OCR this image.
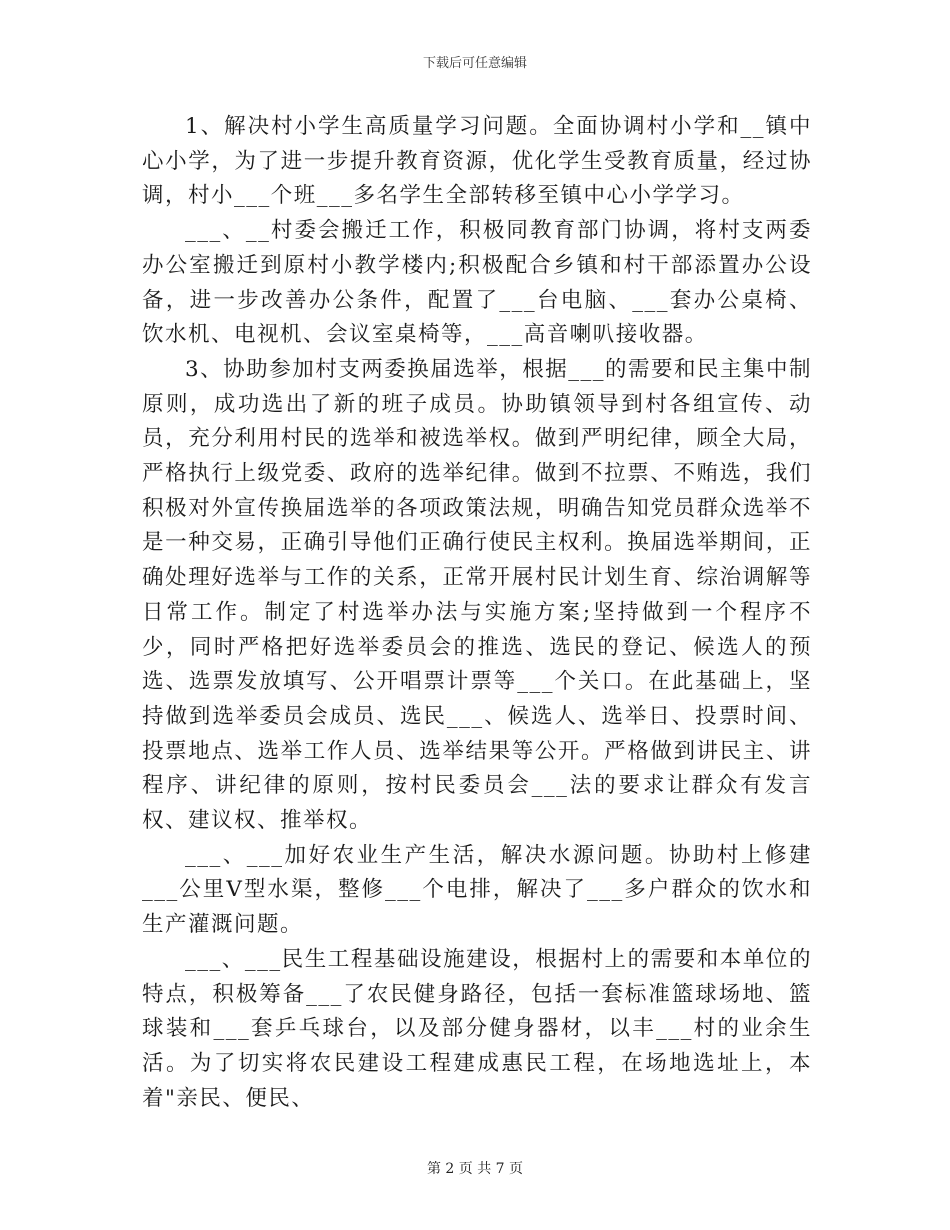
下载后可任意编辑

1、解决村小学生高质量学习问题。全面协调村小学和__镇中心小学，为了进一步提升教育资源，优化学生受教育质量，经过协调，村小___个班___多名学生全部转移至镇中心小学学习。

___、__村委会搬迁工作，积极同教育部门协调，将村支两委办公室搬迁到原村小教学楼内;积极配合乡镇和村干部添置办公设备，进一步改善办公条件，配置了___台电脑、___套办公桌椅、饮水机、电视机、会议室桌椅等，___高音喇叭接收器。

3、协助参加村支两委换届选举，根据___的需要和民主集中制原则，成功选出了新的班子成员。协助镇领导到村各组宣传、动员，充分利用村民的选举和被选举权。做到严明纪律，顾全大局，严格执行上级党委、政府的选举纪律。做到不拉票、不贿选，我们积极对外宣传换届选举的各项政策法规，明确告知党员群众选举不是一种交易，正确引导他们正确行使民主权利。换届选举期间，正确处理好选举与工作的关系，正常开展村民计划生育、综治调解等日常工作。制定了村选举办法与实施方案;坚持做到一个程序不少，同时严格把好选举委员会的推选、选民的登记、候选人的预选、选票发放填写、公开唱票计票等___个关口。在此基础上，坚持做到选举委员会成员、选民___、候选人、选举日、投票时间、投票地点、选举工作人员、选举结果等公开。严格做到讲民主、讲程序、讲纪律的原则，按村民委员会___法的要求让群众有发言权、建议权、推举权。

___、___加好农业生产生活，解决水源问题。协助村上修建___公里V型水渠，整修___个电排，解决了___多户群众的饮水和生产灌溉问题。

___、___民生工程基础设施建设，根据村上的需要和本单位的特点，积极筹备___了农民健身路径，包括一套标准篮球场地、篮球装和___套乒乓球台，以及部分健身器材，以丰___村的业余生活。为了切实将农民建设工程建成惠民工程，在场地选址上，本着"亲民、便民、

第 2 页 共 7 页
